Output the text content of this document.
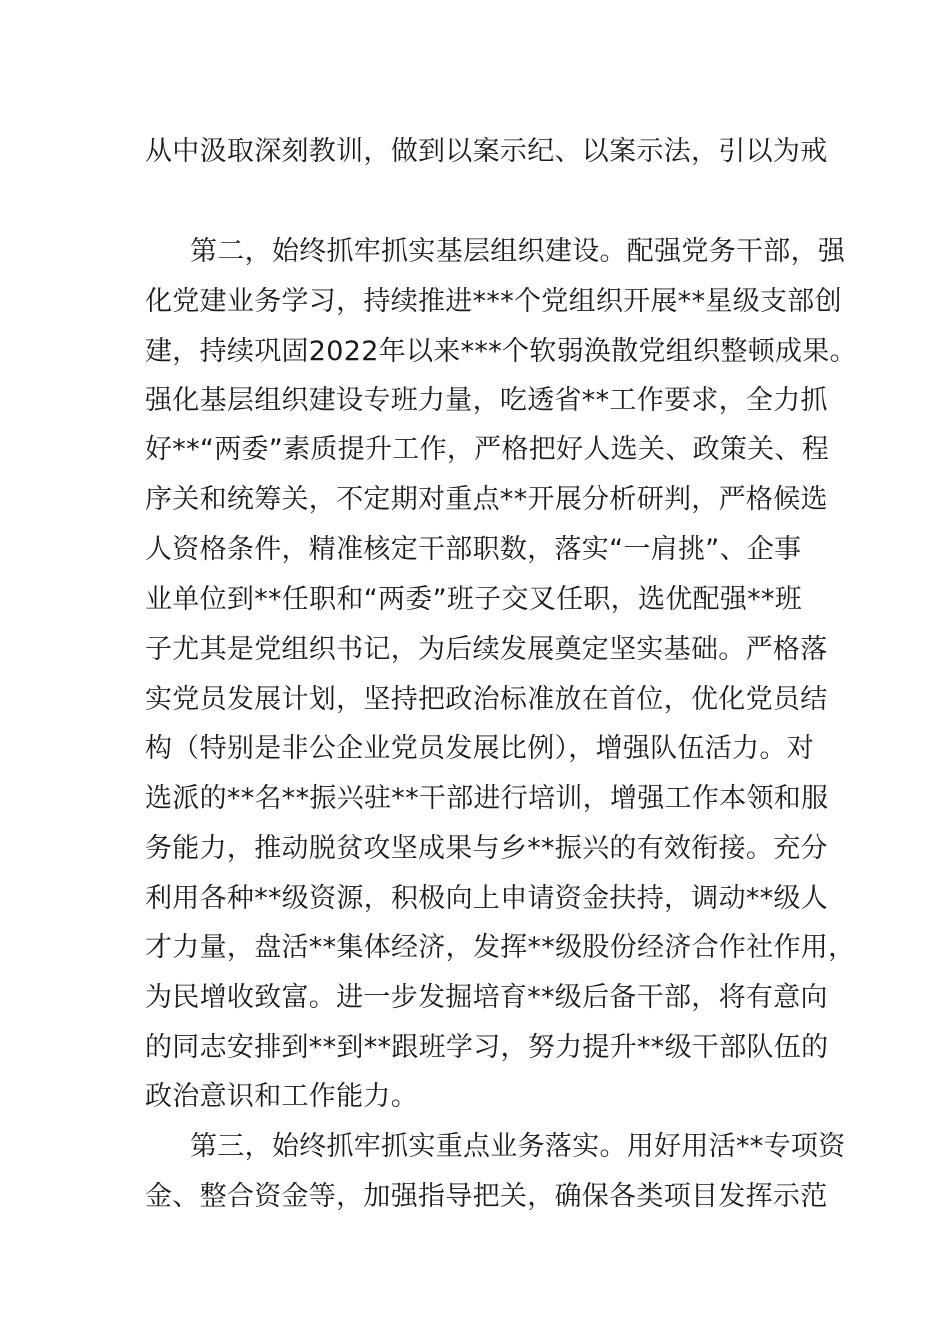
从中汲取深刻教训，做到以案示纪、以案示法，引以为戒

第二，始终抓牢抓实基层组织建设。配强党务干部，强

化党建业务学习，持续推进***个党组织开展**星级支部创

建，持续巩固2022年以来***个软弱涣散党组织整顿成果。

强化基层组织建设专班力量，吃透省**工作要求，全力抓

好**“两委”素质提升工作，严格把好人选关、政策关、程

序关和统筹关，不定期对重点**开展分析研判，严格候选

人资格条件，精准核定干部职数，落实“一肩挑”、企事

业单位到**任职和“两委”班子交叉任职，选优配强**班

子尤其是党组织书记，为后续发展奠定坚实基础。严格落

实党员发展计划，坚持把政治标准放在首位，优化党员结

构（特别是非公企业党员发展比例），增强队伍活力。对

选派的**名**振兴驻**干部进行培训，增强工作本领和服

务能力，推动脱贫攻坚成果与乡**振兴的有效衔接。充分

利用各种**级资源，积极向上申请资金扶持，调动**级人

才力量，盘活**集体经济，发挥**级股份经济合作社作用，

为民增收致富。进一步发掘培育**级后备干部，将有意向

的同志安排到**到**跟班学习，努力提升**级干部队伍的

政治意识和工作能力。

第三，始终抓牢抓实重点业务落实。用好用活**专项资

金、整合资金等，加强指导把关，确保各类项目发挥示范
